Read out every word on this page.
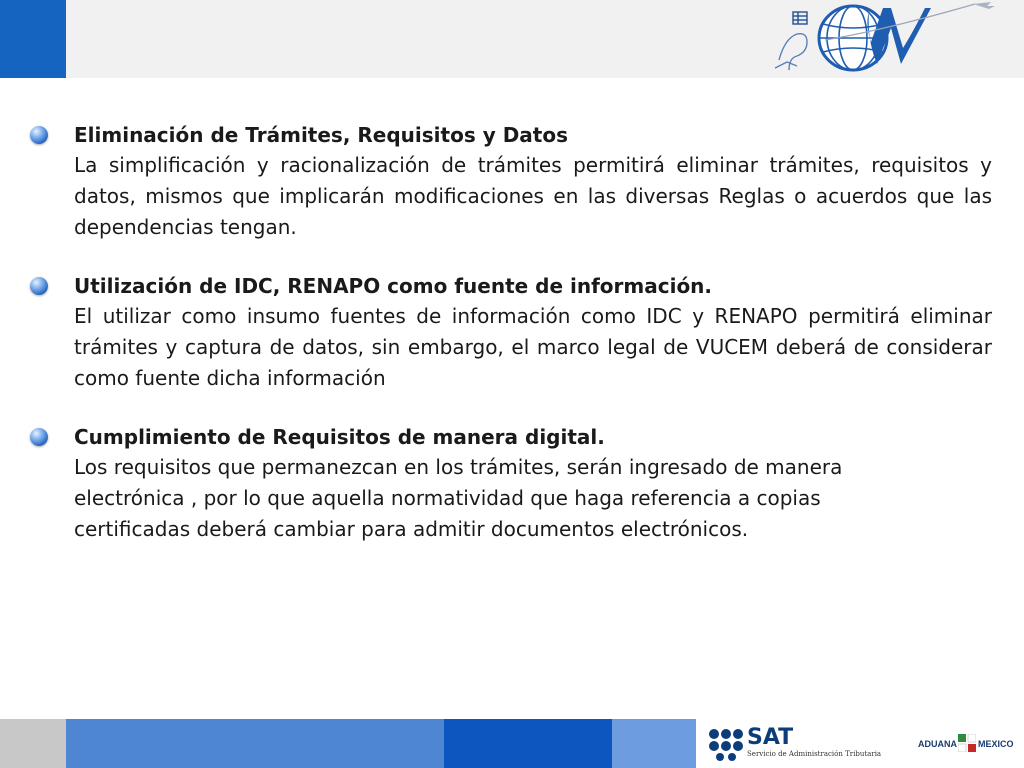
Eliminación de Trámites, Requisitos y Datos
La simplificación y racionalización de trámites permitirá eliminar trámites, requisitos y datos, mismos que implicarán modificaciones en las diversas Reglas o acuerdos que las dependencias tengan.
Utilización de IDC, RENAPO como fuente de información.
El utilizar como insumo fuentes de información como IDC y RENAPO permitirá eliminar trámites y captura de datos, sin embargo, el marco legal de VUCEM deberá de considerar como fuente dicha información
Cumplimiento de Requisitos de manera digital.
Los requisitos que permanezcan en los trámites, serán ingresado de manera electrónica , por lo que aquella normatividad que haga referencia a copias certificadas deberá cambiar para admitir documentos electrónicos.
SAT
Servicio de Administración Tributaria
ADUANA MEXICO
